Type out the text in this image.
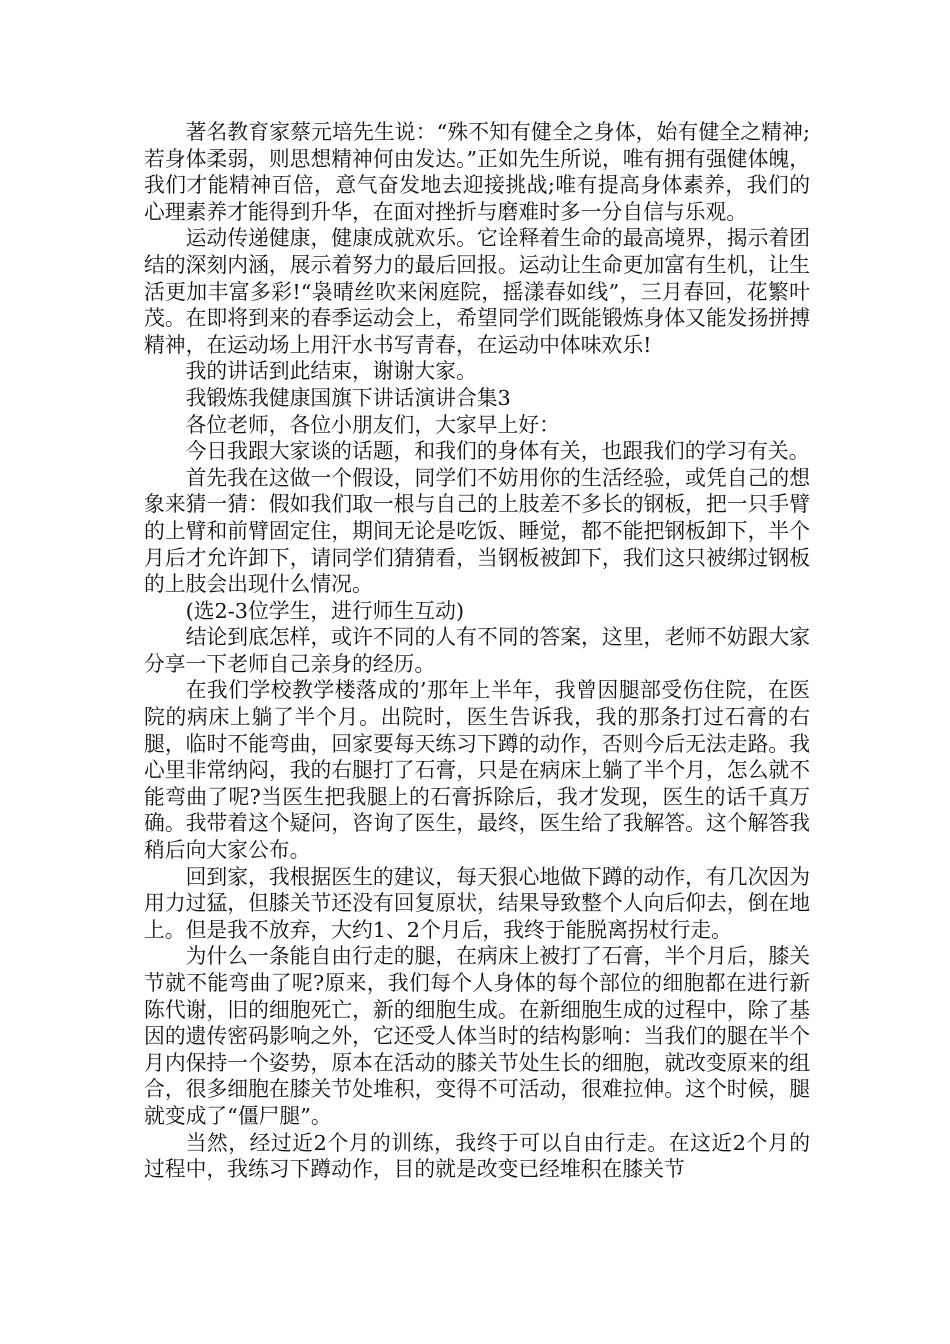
著名教育家蔡元培先生说：“殊不知有健全之身体，始有健全之精神;若身体柔弱，则思想精神何由发达。”正如先生所说，唯有拥有强健体魄，我们才能精神百倍，意气奋发地去迎接挑战;唯有提高身体素养，我们的心理素养才能得到升华，在面对挫折与磨难时多一分自信与乐观。

运动传递健康，健康成就欢乐。它诠释着生命的最高境界，揭示着团结的深刻内涵，展示着努力的最后回报。运动让生命更加富有生机，让生活更加丰富多彩!“袅晴丝吹来闲庭院，摇漾春如线”，三月春回，花繁叶茂。在即将到来的春季运动会上，希望同学们既能锻炼身体又能发扬拼搏精神，在运动场上用汗水书写青春，在运动中体味欢乐!

我的讲话到此结束，谢谢大家。

我锻炼我健康国旗下讲话演讲合集3

各位老师，各位小朋友们，大家早上好：

今日我跟大家谈的话题，和我们的身体有关，也跟我们的学习有关。

首先我在这做一个假设，同学们不妨用你的生活经验，或凭自己的想象来猜一猜：假如我们取一根与自己的上肢差不多长的钢板，把一只手臂的上臂和前臂固定住，期间无论是吃饭、睡觉，都不能把钢板卸下，半个月后才允许卸下，请同学们猜猜看，当钢板被卸下，我们这只被绑过钢板的上肢会出现什么情况。

(选2-3位学生，进行师生互动)

结论到底怎样，或许不同的人有不同的答案，这里，老师不妨跟大家分享一下老师自己亲身的经历。

在我们学校教学楼落成的’那年上半年，我曾因腿部受伤住院，在医院的病床上躺了半个月。出院时，医生告诉我，我的那条打过石膏的右腿，临时不能弯曲，回家要每天练习下蹲的动作，否则今后无法走路。我心里非常纳闷，我的右腿打了石膏，只是在病床上躺了半个月，怎么就不能弯曲了呢?当医生把我腿上的石膏拆除后，我才发现，医生的话千真万确。我带着这个疑问，咨询了医生，最终，医生给了我解答。这个解答我稍后向大家公布。

回到家，我根据医生的建议，每天狠心地做下蹲的动作，有几次因为用力过猛，但膝关节还没有回复原状，结果导致整个人向后仰去，倒在地上。但是我不放弃，大约1、2个月后，我终于能脱离拐杖行走。

为什么一条能自由行走的腿，在病床上被打了石膏，半个月后，膝关节就不能弯曲了呢?原来，我们每个人身体的每个部位的细胞都在进行新陈代谢，旧的细胞死亡，新的细胞生成。在新细胞生成的过程中，除了基因的遗传密码影响之外，它还受人体当时的结构影响：当我们的腿在半个月内保持一个姿势，原本在活动的膝关节处生长的细胞，就改变原来的组合，很多细胞在膝关节处堆积，变得不可活动，很难拉伸。这个时候，腿就变成了“僵尸腿”。

当然，经过近2个月的训练，我终于可以自由行走。在这近2个月的过程中，我练习下蹲动作，目的就是改变已经堆积在膝关节
